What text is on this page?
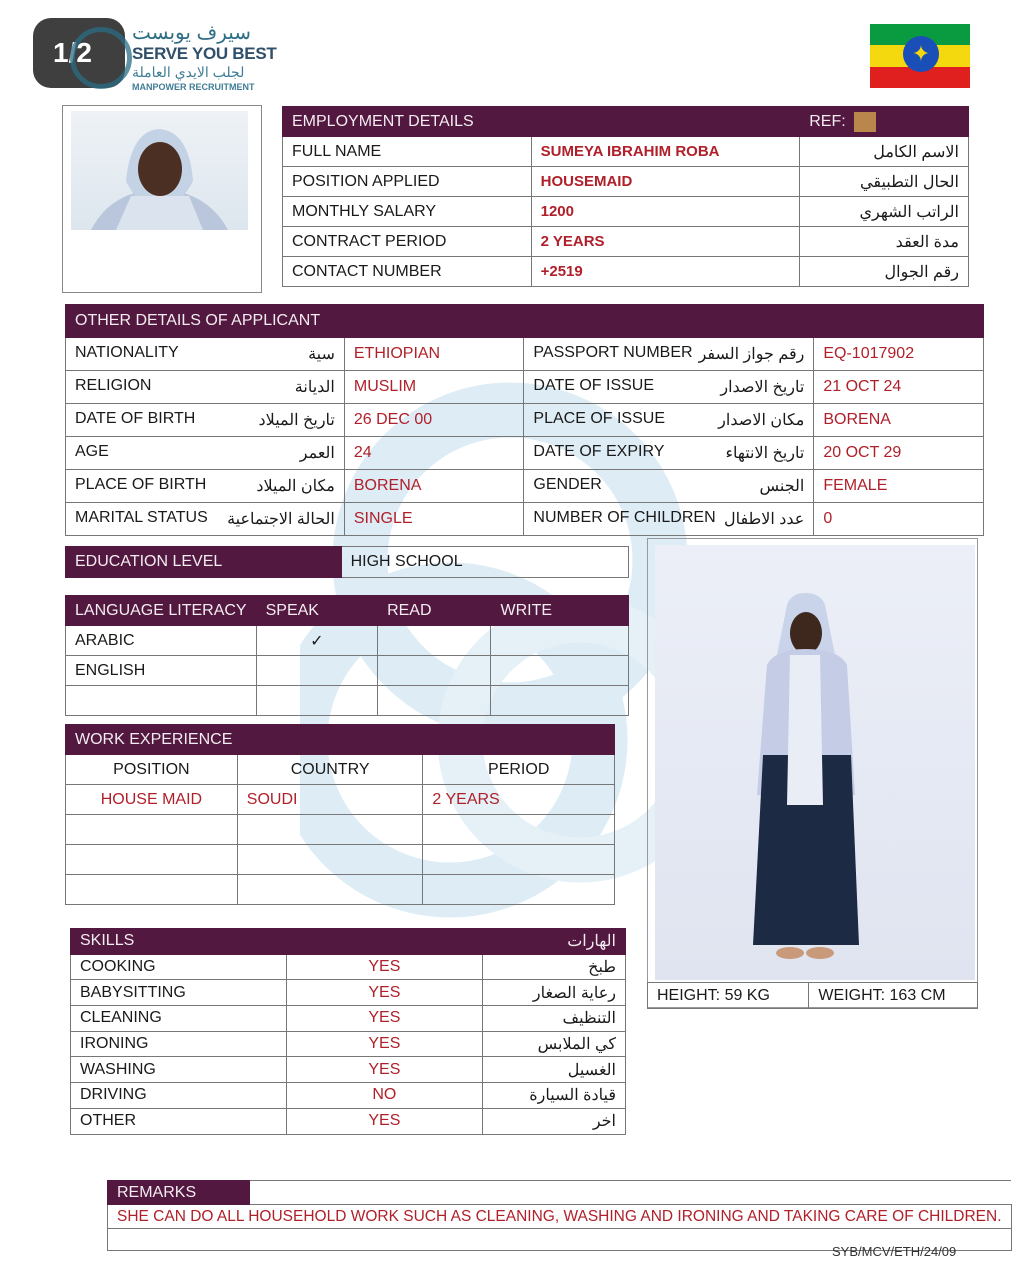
1/2
سيرف يوبست
SERVE YOU BEST
لجلب الايدي العاملة
MANPOWER RECRUITMENT
✦
EMPLOYMENT DETAILS		REF:
FULL NAME	SUMEYA IBRAHIM ROBA	الاسم الكامل
POSITION APPLIED	HOUSEMAID	الحال التطبيقي
MONTHLY SALARY	1200	الراتب الشهري
CONTRACT PERIOD	2 YEARS	مدة العقد
CONTACT NUMBER	+2519	رقم الجوال
OTHER DETAILS OF APPLICANT			

NATIONALITY سية	ETHIOPIAN	PASSPORT NUMBER رقم جواز السفر	EQ-1017902

RELIGION الديانة	MUSLIM	DATE OF ISSUE تاريخ الاصدار	21 OCT 24

DATE OF BIRTH تاريخ الميلاد	26 DEC 00	PLACE OF ISSUE مكان الاصدار	BORENA

AGE العمر	24	DATE OF EXPIRY تاريخ الانتهاء	20 OCT 29

PLACE OF BIRTH مكان الميلاد	BORENA	GENDER الجنس	FEMALE

MARITAL STATUS الحالة الاجتماعية	SINGLE	NUMBER OF CHILDREN عدد الاطفال	0
EDUCATION LEVEL	HIGH SCHOOL
LANGUAGE LITERACY	SPEAK	READ	WRITE
ARABIC	✓		
ENGLISH			

WORK EXPERIENCE		
POSITION	COUNTRY	PERIOD
HOUSE MAID	SOUDI	2 YEARS

SKILLS		الهارات
COOKING	YES	طبخ
BABYSITTING	YES	رعاية الصغار
CLEANING	YES	التنظيف
IRONING	YES	كي الملابس
WASHING	YES	الغسيل
DRIVING	NO	قيادة السيارة
OTHER	YES	اخر
HEIGHT: 59 KG	WEIGHT: 163 CM
REMARKS	
SHE CAN DO ALL HOUSEHOLD WORK SUCH AS CLEANING, WASHING AND IRONING AND TAKING CARE OF CHILDREN.

SYB/MCV/ETH/24/09
